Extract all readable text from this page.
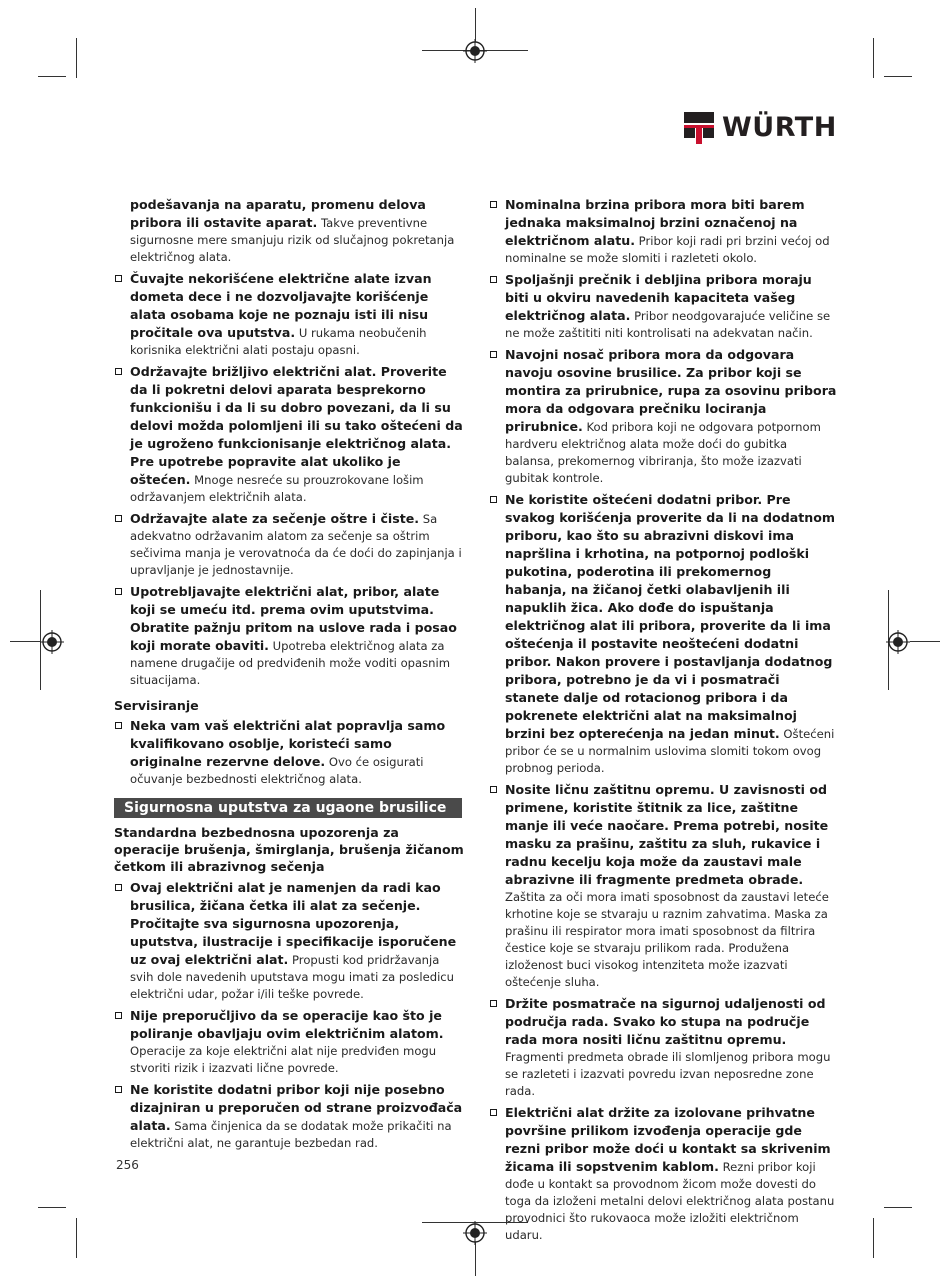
WÜRTH
podešavanja na aparatu, promenu delova pribora ili ostavite aparat. Takve preventivne sigurnosne mere smanjuju rizik od slučajnog pokretanja električnog alata.
Čuvajte nekorišćene električne alate izvan dometa dece i ne dozvoljavajte korišćenje alata osobama koje ne poznaju isti ili nisu pročitale ova uputstva. U rukama neobučenih korisnika električni alati postaju opasni.
Održavajte brižljivo električni alat. Proverite da li pokretni delovi aparata besprekorno funkcionišu i da li su dobro povezani, da li su delovi možda polomljeni ili su tako oštećeni da je ugroženo funkcionisanje električnog alata. Pre upotrebe popravite alat ukoliko je oštećen. Mnoge nesreće su prouzrokovane lošim održavanjem električnih alata.
Održavajte alate za sečenje oštre i čiste. Sa adekvatno održavanim alatom za sečenje sa oštrim sečivima manja je verovatnoća da će doći do zapinjanja i upravljanje je jednostavnije.
Upotrebljavajte električni alat, pribor, alate koji se umeću itd. prema ovim uputstvima. Obratite pažnju pritom na uslove rada i posao koji morate obaviti. Upotreba električnog alata za namene drugačije od predviđenih može voditi opasnim situacijama.
Servisiranje
Neka vam vaš električni alat popravlja samo kvalifikovano osoblje, koristeći samo originalne rezervne delove. Ovo će osigurati očuvanje bezbednosti električnog alata.
Sigurnosna uputstva za ugaone brusilice
Standardna bezbednosna upozorenja za operacije brušenja, šmirglanja, brušenja žičanom četkom ili abrazivnog sečenja
Ovaj električni alat je namenjen da radi kao brusilica, žičana četka ili alat za sečenje. Pročitajte sva sigurnosna upozorenja, uputstva, ilustracije i specifikacije isporučene uz ovaj električni alat. Propusti kod pridržavanja svih dole navedenih uputstava mogu imati za posledicu električni udar, požar i/ili teške povrede.
Nije preporučljivo da se operacije kao što je poliranje obavljaju ovim električnim alatom. Operacije za koje električni alat nije predviđen mogu stvoriti rizik i izazvati lične povrede.
Ne koristite dodatni pribor koji nije posebno dizajniran u preporučen od strane proizvođača alata. Sama činjenica da se dodatak može prikačiti na električni alat, ne garantuje bezbedan rad.
Nominalna brzina pribora mora biti barem jednaka maksimalnoj brzini označenoj na električnom alatu. Pribor koji radi pri brzini većoj od nominalne se može slomiti i razleteti okolo.
Spoljašnji prečnik i debljina pribora moraju biti u okviru navedenih kapaciteta vašeg električnog alata. Pribor neodgovarajuće veličine se ne može zaštititi niti kontrolisati na adekvatan način.
Navojni nosač pribora mora da odgovara navoju osovine brusilice. Za pribor koji se montira za prirubnice, rupa za osovinu pribora mora da odgovara prečniku lociranja prirubnice. Kod pribora koji ne odgovara potpornom hardveru električnog alata može doći do gubitka balansa, prekomernog vibriranja, što može izazvati gubitak kontrole.
Ne koristite oštećeni dodatni pribor. Pre svakog korišćenja proverite da li na dodatnom priboru, kao što su abrazivni diskovi ima napršlina i krhotina, na potpornoj podloški pukotina, poderotina ili prekomernog habanja, na žičanoj četki olabavljenih ili napuklih žica. Ako dođe do ispuštanja električnog alat ili pribora, proverite da li ima oštećenja il postavite neoštećeni dodatni pribor. Nakon provere i postavljanja dodatnog pribora, potrebno je da vi i posmatrači stanete dalje od rotacionog pribora i da pokrenete električni alat na maksimalnoj brzini bez opterećenja na jedan minut. Oštećeni pribor će se u normalnim uslovima slomiti tokom ovog probnog perioda.
Nosite ličnu zaštitnu opremu. U zavisnosti od primene, koristite štitnik za lice, zaštitne manje ili veće naočare. Prema potrebi, nosite masku za prašinu, zaštitu za sluh, rukavice i radnu kecelju koja može da zaustavi male abrazivne ili fragmente predmeta obrade. Zaštita za oči mora imati sposobnost da zaustavi leteće krhotine koje se stvaraju u raznim zahvatima. Maska za prašinu ili respirator mora imati sposobnost da filtrira čestice koje se stvaraju prilikom rada. Produžena izloženost buci visokog intenziteta može izazvati oštećenje sluha.
Držite posmatrače na sigurnoj udaljenosti od područja rada. Svako ko stupa na područje rada mora nositi ličnu zaštitnu opremu. Fragmenti predmeta obrade ili slomljenog pribora mogu se razleteti i izazvati povredu izvan neposredne zone rada.
Električni alat držite za izolovane prihvatne površine prilikom izvođenja operacije gde rezni pribor može doći u kontakt sa skrivenim žicama ili sopstvenim kablom. Rezni pribor koji dođe u kontakt sa provodnom žicom može dovesti do toga da izloženi metalni delovi električnog alata postanu provodnici što rukovaoca može izložiti električnom udaru.
256
